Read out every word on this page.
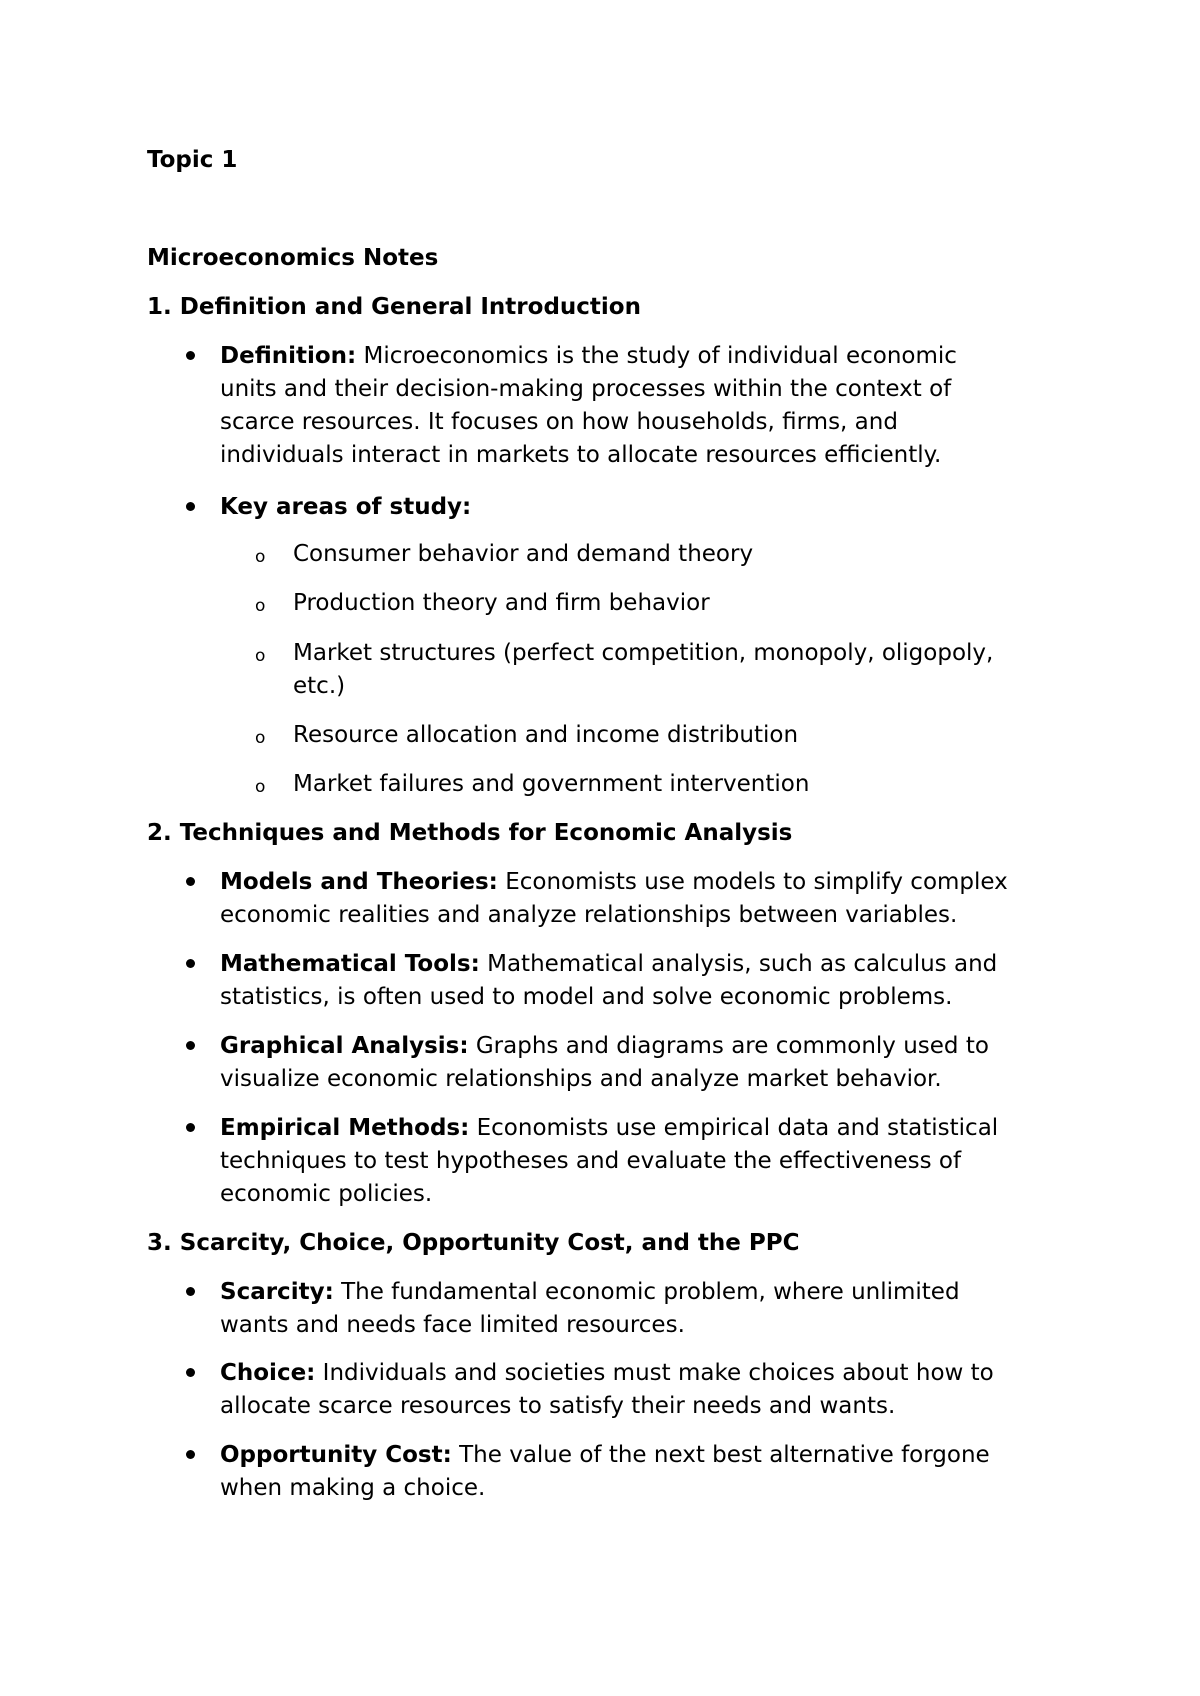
Topic 1
Microeconomics Notes
1. Definition and General Introduction
Definition: Microeconomics is the study of individual economic
units and their decision-making processes within the context of
scarce resources. It focuses on how households, firms, and
individuals interact in markets to allocate resources efficiently.
Key areas of study:
o Consumer behavior and demand theory
o Production theory and firm behavior
o Market structures (perfect competition, monopoly, oligopoly,
etc.)
o Resource allocation and income distribution
o Market failures and government intervention
2. Techniques and Methods for Economic Analysis
Models and Theories: Economists use models to simplify complex
economic realities and analyze relationships between variables.
Mathematical Tools: Mathematical analysis, such as calculus and
statistics, is often used to model and solve economic problems.
Graphical Analysis: Graphs and diagrams are commonly used to
visualize economic relationships and analyze market behavior.
Empirical Methods: Economists use empirical data and statistical
techniques to test hypotheses and evaluate the effectiveness of
economic policies.
3. Scarcity, Choice, Opportunity Cost, and the PPC
Scarcity: The fundamental economic problem, where unlimited
wants and needs face limited resources.
Choice: Individuals and societies must make choices about how to
allocate scarce resources to satisfy their needs and wants.
Opportunity Cost: The value of the next best alternative forgone
when making a choice.
